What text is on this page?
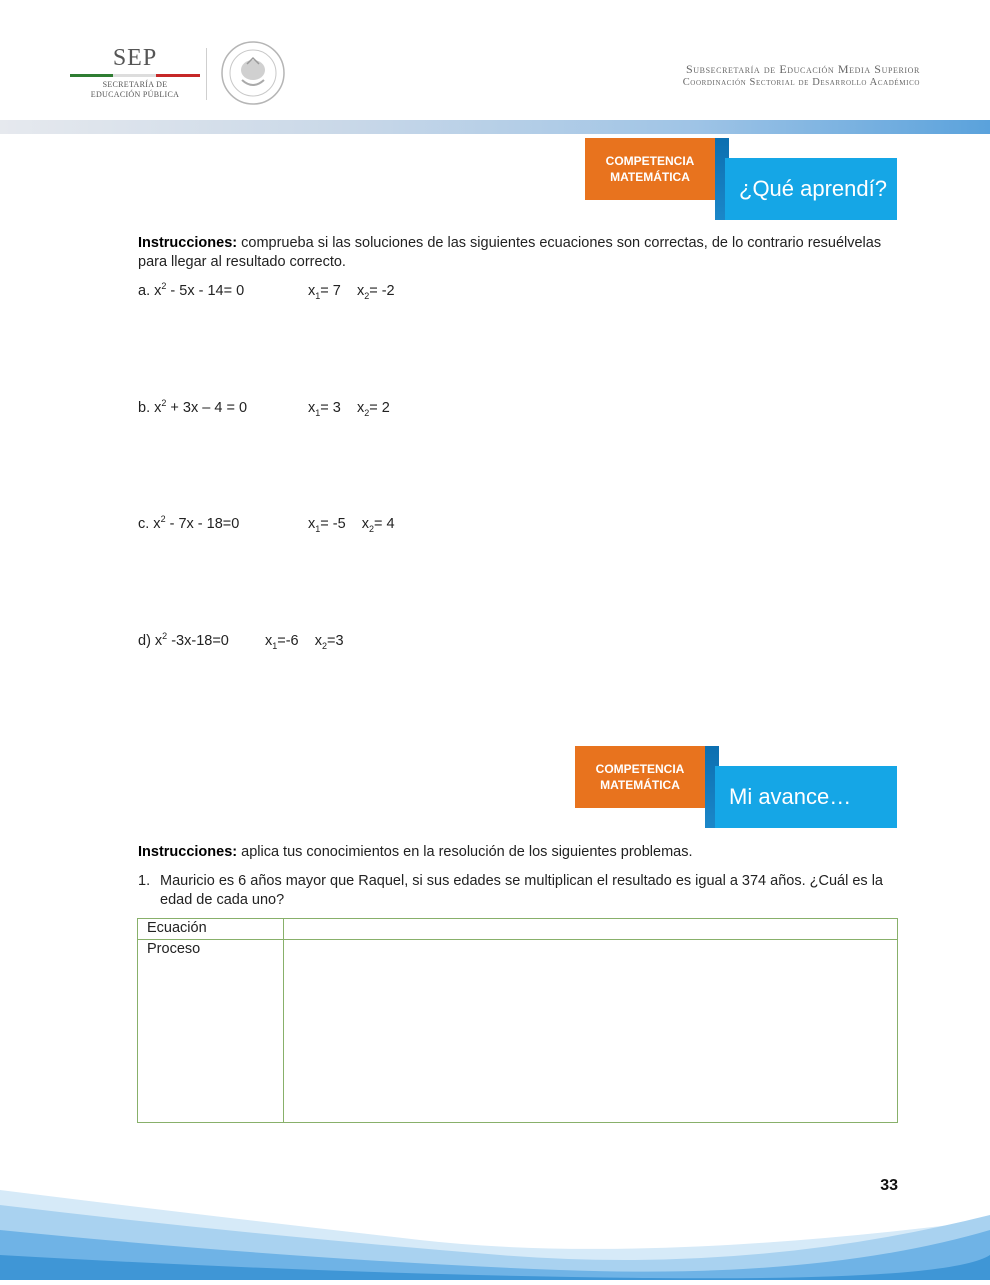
SEP
SECRETARÍA DE
EDUCACIÓN PÚBLICA
Subsecretaría de Educación Media Superior
Coordinación Sectorial de Desarrollo Académico
¿Qué aprendí?
COMPETENCIA
MATEMÁTICA
Instrucciones: comprueba si las soluciones de las siguientes ecuaciones son correctas, de lo contrario resuélvelas para llegar al resultado correcto.
a. $x^2 - 5x - 14= 0$	$x_1= 7$ $x_2= -2$
b. $x^2 + 3x - 4 = 0$	$x_1= 3$ $x_2= 2$
c. $x^2 - 7x - 18=0$	$x_1= -5$ $x_2= 4$
d) $x^2$ -3x-18=0 $x_1=-6$ $x_2=3$
Mi avance…
COMPETENCIA
MATEMÁTICA
Instrucciones: aplica tus conocimientos en la resolución de los siguientes problemas.
1. Mauricio es 6 años mayor que Raquel, si sus edades se multiplican el resultado es igual a 374 años. ¿Cuál es la edad de cada uno?
Ecuación
Proceso
33
